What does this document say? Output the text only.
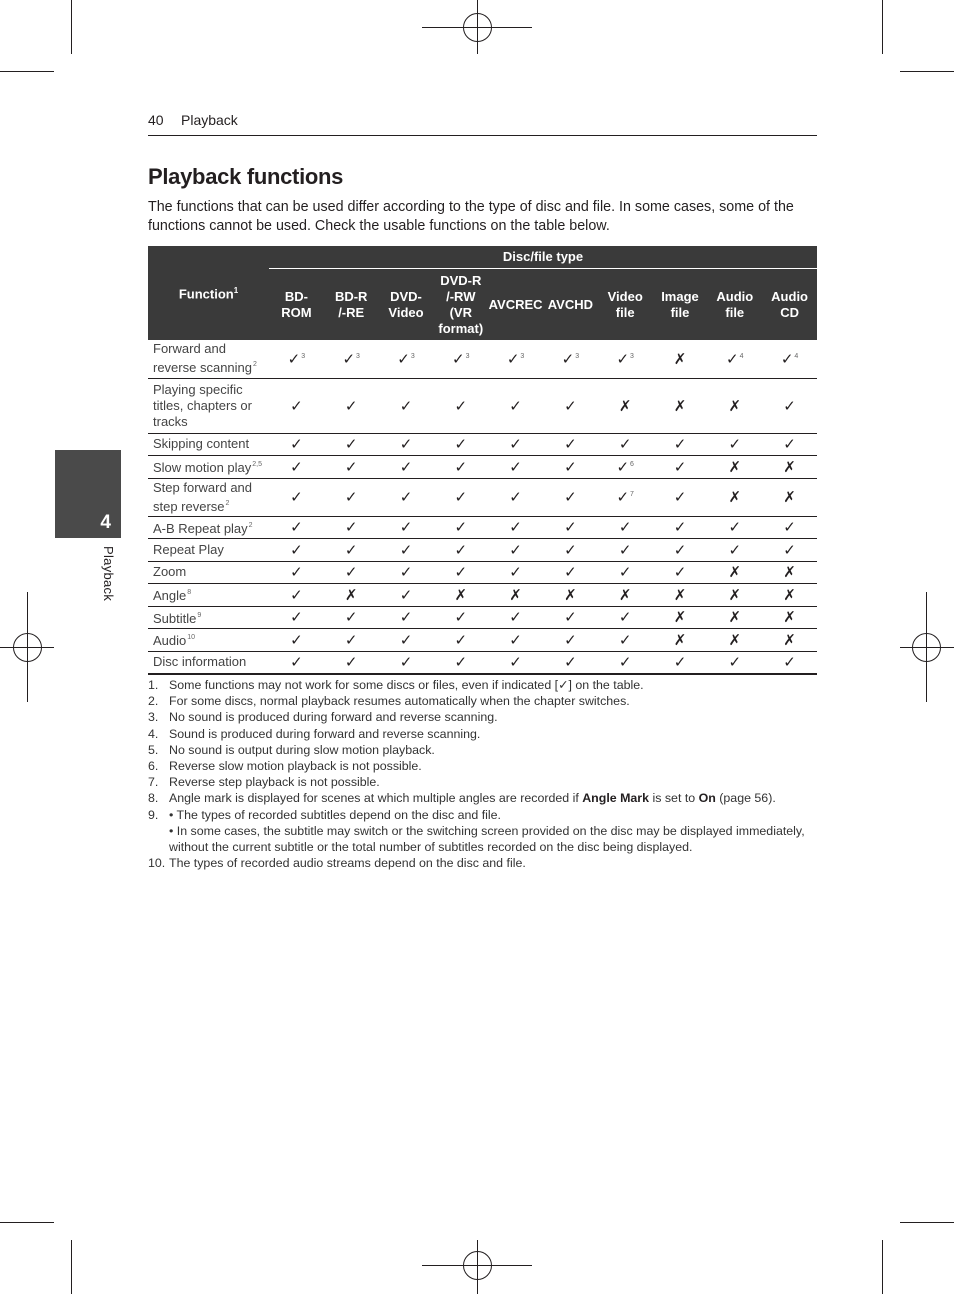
40 Playback
Playback functions

The functions that can be used differ according to the type of disc and file. In some cases, some of the functions cannot be used. Check the usable functions on the table below.

4
Playback
Function$^1$	Disc/file type									
	BD-
ROM	BD-R
/-RE	DVD-
Video	DVD-R
/-RW
(VR
format)	AVCREC	AVCHD	Video
file	Image
file	Audio
file	Audio
CD
Forward and
reverse scanning$^2$	✓$^3$	✓$^3$	✓$^3$	✓$^3$	✓$^3$	✓$^3$	✓$^3$	✗	✓$^4$	✓$^4$
Playing specific
titles, chapters or
tracks	✓	✓	✓	✓	✓	✓	✗	✗	✗	✓
Skipping content	✓	✓	✓	✓	✓	✓	✓	✓	✓	✓
Slow motion play$^{2,5}$	✓	✓	✓	✓	✓	✓	✓$^6$	✓	✗	✗
Step forward and
step reverse$^2$	✓	✓	✓	✓	✓	✓	✓$^7$	✓	✗	✗
A-B Repeat play$^2$	✓	✓	✓	✓	✓	✓	✓	✓	✓	✓
Repeat Play	✓	✓	✓	✓	✓	✓	✓	✓	✓	✓
Zoom	✓	✓	✓	✓	✓	✓	✓	✓	✗	✗
Angle$^8$	✓	✗	✓	✗	✗	✗	✗	✗	✗	✗
Subtitle$^9$	✓	✓	✓	✓	✓	✓	✓	✗	✗	✗
Audio$^{10}$	✓	✓	✓	✓	✓	✓	✓	✗	✗	✗
Disc information	✓	✓	✓	✓	✓	✓	✓	✓	✓	✓
1. Some functions may not work for some discs or files, even if indicated [✓] on the table.
2. For some discs, normal playback resumes automatically when the chapter switches.
3. No sound is produced during forward and reverse scanning.
4. Sound is produced during forward and reverse scanning.
5. No sound is output during slow motion playback.
6. Reverse slow motion playback is not possible.
7. Reverse step playback is not possible.
8. Angle mark is displayed for scenes at which multiple angles are recorded if Angle Mark is set to On (page 56).
9. • The types of recorded subtitles depend on the disc and file.
• In some cases, the subtitle may switch or the switching screen provided on the disc may be displayed immediately, without the current subtitle or the total number of subtitles recorded on the disc being displayed.
10. The types of recorded audio streams depend on the disc and file.
